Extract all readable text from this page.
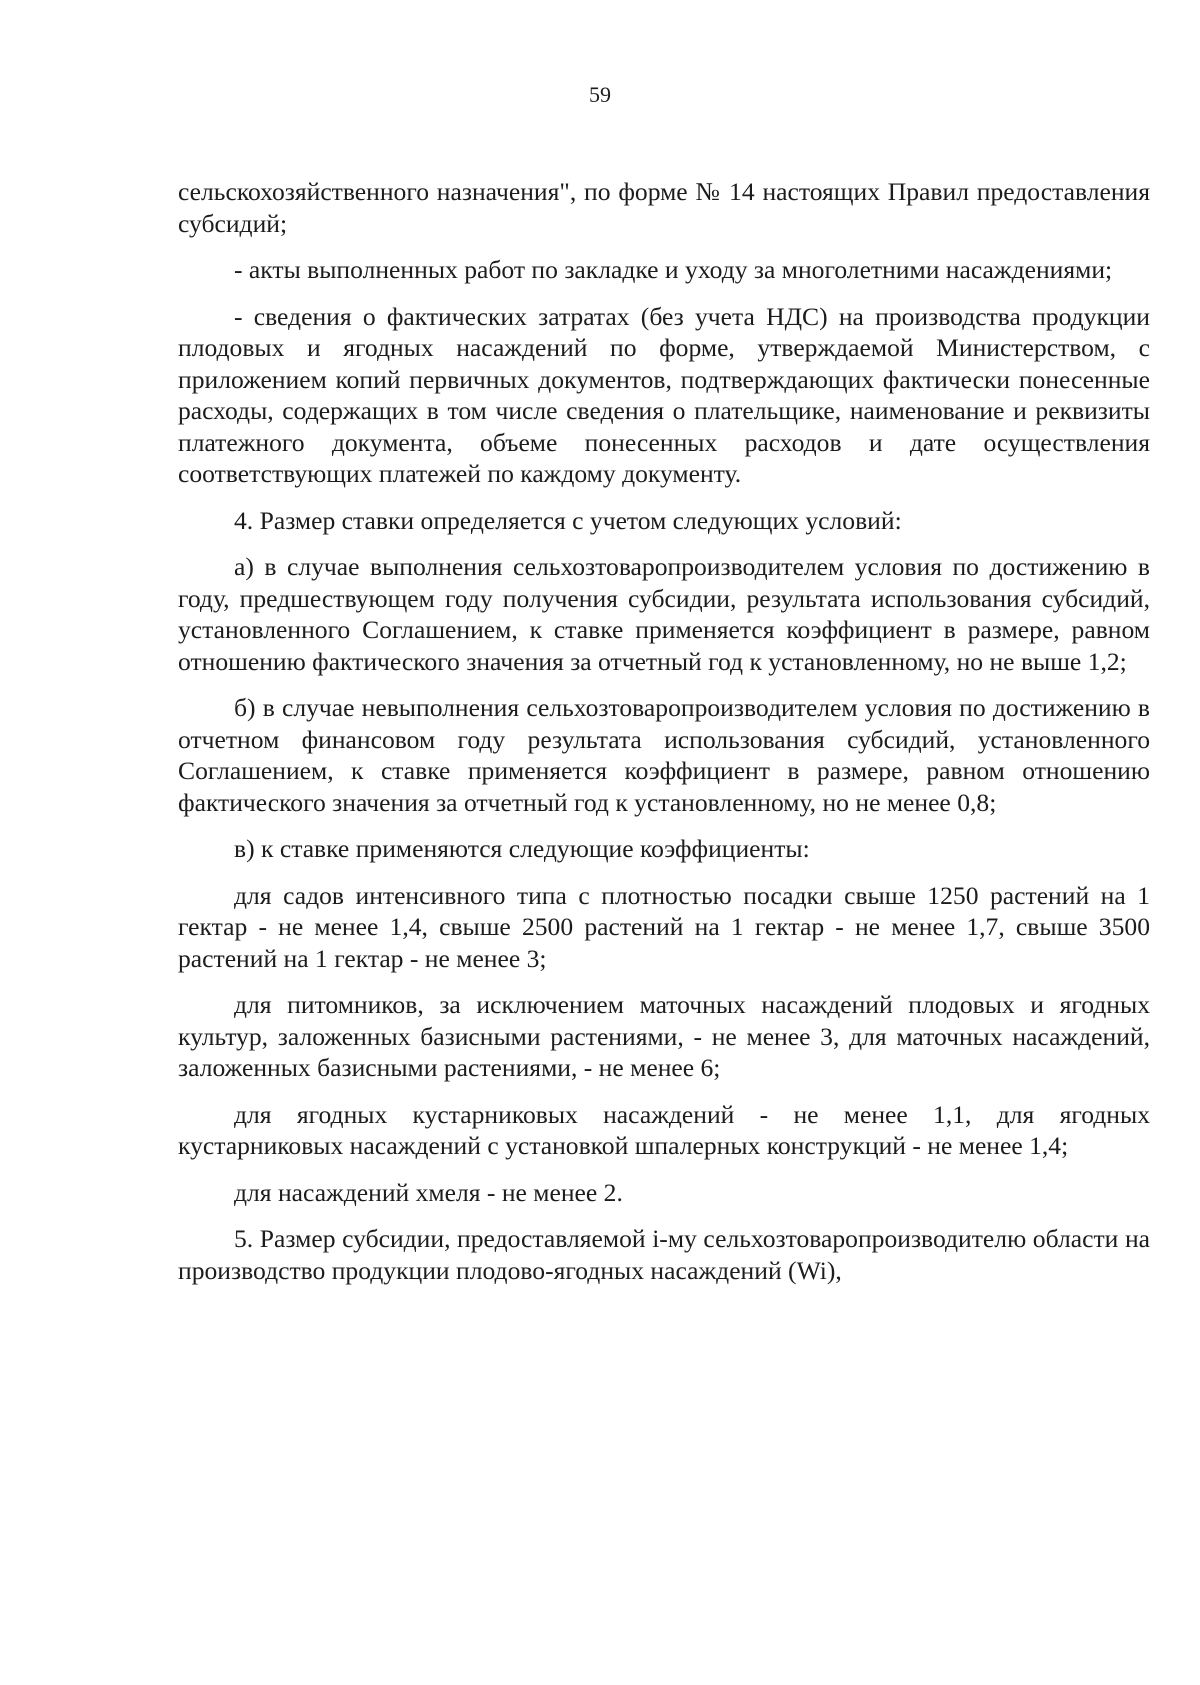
59

сельскохозяйственного назначения", по форме № 14 настоящих Правил предоставления субсидий;

- акты выполненных работ по закладке и уходу за многолетними насаждениями;

- сведения о фактических затратах (без учета НДС) на производства продукции плодовых и ягодных насаждений по форме, утверждаемой Министерством, с приложением копий первичных документов, подтверждающих фактически понесенные расходы, содержащих в том числе сведения о плательщике, наименование и реквизиты платежного документа, объеме понесенных расходов и дате осуществления соответствующих платежей по каждому документу.

4. Размер ставки определяется с учетом следующих условий:

а) в случае выполнения сельхозтоваропроизводителем условия по достижению в году, предшествующем году получения субсидии, результата использования субсидий, установленного Соглашением, к ставке применяется коэффициент в размере, равном отношению фактического значения за отчетный год к установленному, но не выше 1,2;

б) в случае невыполнения сельхозтоваропроизводителем условия по достижению в отчетном финансовом году результата использования субсидий, установленного Соглашением, к ставке применяется коэффициент в размере, равном отношению фактического значения за отчетный год к установленному, но не менее 0,8;

в) к ставке применяются следующие коэффициенты:

для садов интенсивного типа с плотностью посадки свыше 1250 растений на 1 гектар - не менее 1,4, свыше 2500 растений на 1 гектар - не менее 1,7, свыше 3500 растений на 1 гектар - не менее 3;

для питомников, за исключением маточных насаждений плодовых и ягодных культур, заложенных базисными растениями, - не менее 3, для маточных насаждений, заложенных базисными растениями, - не менее 6;

для ягодных кустарниковых насаждений - не менее 1,1, для ягодных кустарниковых насаждений с установкой шпалерных конструкций - не менее 1,4;

для насаждений хмеля - не менее 2.

5. Размер субсидии, предоставляемой i-му сельхозтоваропроизводителю области на производство продукции плодово-ягодных насаждений (Wi),
